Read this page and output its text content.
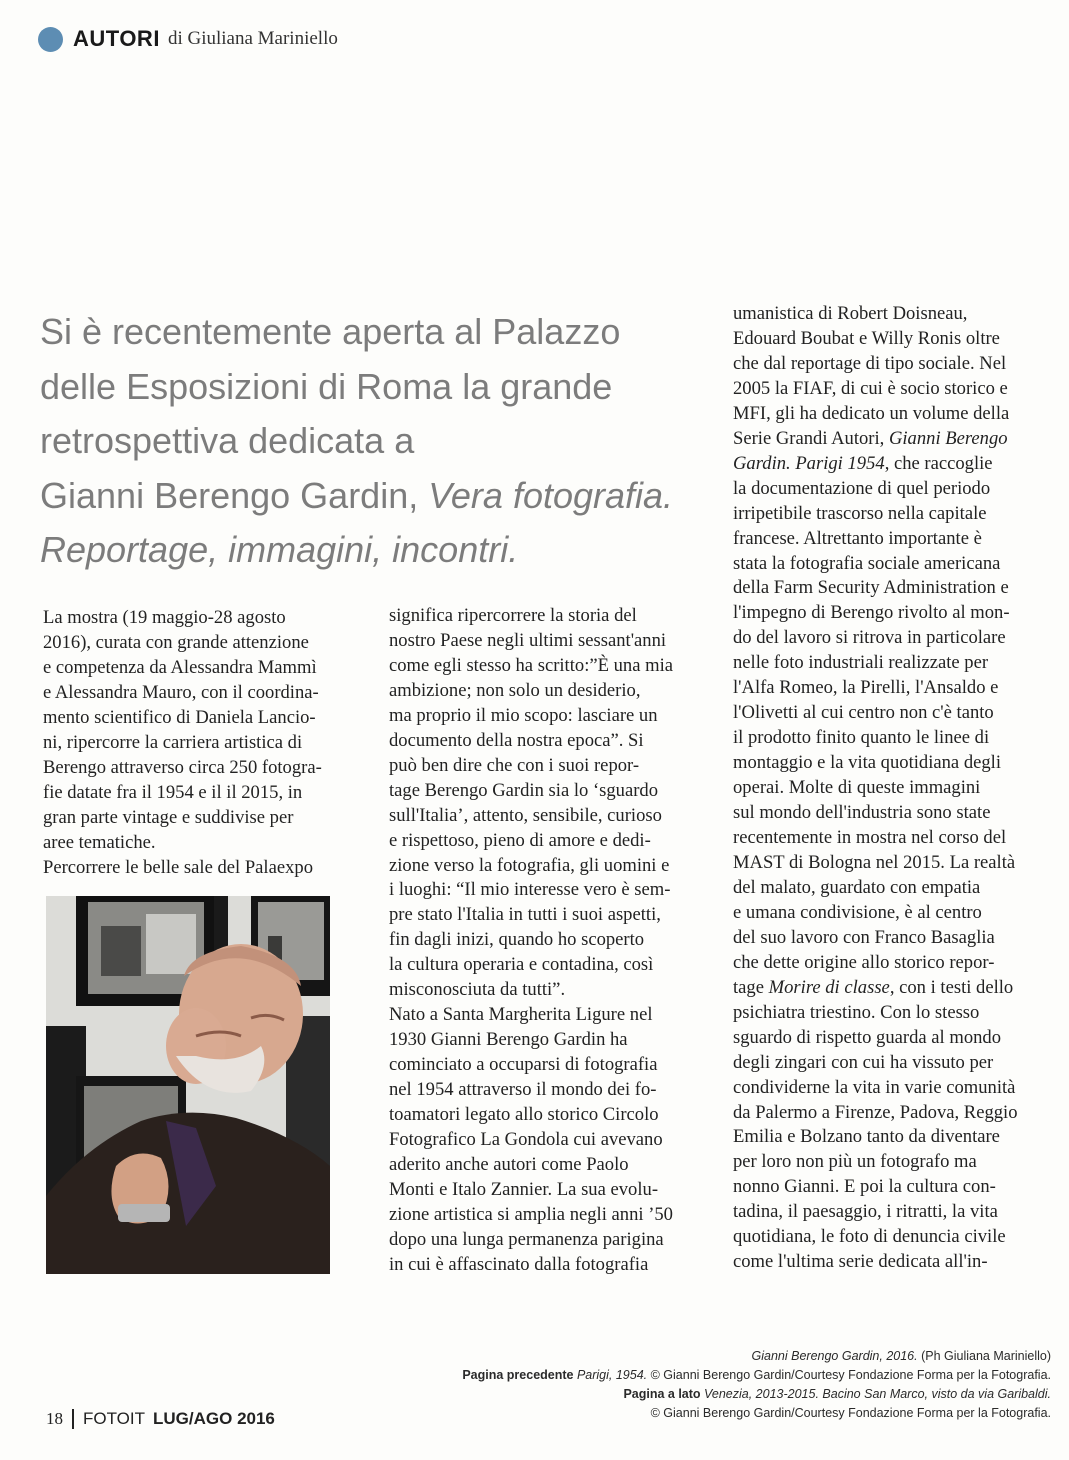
AUTORI di Giuliana Mariniello
Si è recentemente aperta al Palazzo
delle Esposizioni di Roma la grande
retrospettiva dedicata a
Gianni Berengo Gardin, Vera fotografia.
Reportage, immagini, incontri.
La mostra (19 maggio-28 agosto
2016), curata con grande attenzione
e competenza da Alessandra Mammì
e Alessandra Mauro, con il coordina-
mento scientifico di Daniela Lancio-
ni, ripercorre la carriera artistica di
Berengo attraverso circa 250 fotogra-
fie datate fra il 1954 e il il 2015, in
gran parte vintage e suddivise per
aree tematiche.
Percorrere le belle sale del Palaexpo
significa ripercorrere la storia del
nostro Paese negli ultimi sessant'anni
come egli stesso ha scritto:”È una mia
ambizione; non solo un desiderio,
ma proprio il mio scopo: lasciare un
documento della nostra epoca”. Si
può ben dire che con i suoi repor-
tage Berengo Gardin sia lo ‘sguardo
sull'Italia’, attento, sensibile, curioso
e rispettoso, pieno di amore e dedi-
zione verso la fotografia, gli uomini e
i luoghi: “Il mio interesse vero è sem-
pre stato l'Italia in tutti i suoi aspetti,
fin dagli inizi, quando ho scoperto
la cultura operaria e contadina, così
misconosciuta da tutti”.
Nato a Santa Margherita Ligure nel
1930 Gianni Berengo Gardin ha
cominciato a occuparsi di fotografia
nel 1954 attraverso il mondo dei fo-
toamatori legato allo storico Circolo
Fotografico La Gondola cui avevano
aderito anche autori come Paolo
Monti e Italo Zannier. La sua evolu-
zione artistica si amplia negli anni ’50
dopo una lunga permanenza parigina
in cui è affascinato dalla fotografia
umanistica di Robert Doisneau,
Edouard Boubat e Willy Ronis oltre
che dal reportage di tipo sociale. Nel
2005 la FIAF, di cui è socio storico e
MFI, gli ha dedicato un volume della
Serie Grandi Autori, Gianni Berengo
Gardin. Parigi 1954, che raccoglie
la documentazione di quel periodo
irripetibile trascorso nella capitale
francese. Altrettanto importante è
stata la fotografia sociale americana
della Farm Security Administration e
l'impegno di Berengo rivolto al mon-
do del lavoro si ritrova in particolare
nelle foto industriali realizzate per
l'Alfa Romeo, la Pirelli, l'Ansaldo e
l'Olivetti al cui centro non c'è tanto
il prodotto finito quanto le linee di
montaggio e la vita quotidiana degli
operai. Molte di queste immagini
sul mondo dell'industria sono state
recentemente in mostra nel corso del
MAST di Bologna nel 2015. La realtà
del malato, guardato con empatia
e umana condivisione, è al centro
del suo lavoro con Franco Basaglia
che dette origine allo storico repor-
tage Morire di classe, con i testi dello
psichiatra triestino. Con lo stesso
sguardo di rispetto guarda al mondo
degli zingari con cui ha vissuto per
condividerne la vita in varie comunità
da Palermo a Firenze, Padova, Reggio
Emilia e Bolzano tanto da diventare
per loro non più un fotografo ma
nonno Gianni. E poi la cultura con-
tadina, il paesaggio, i ritratti, la vita
quotidiana, le foto di denuncia civile
come l'ultima serie dedicata all'in-
Gianni Berengo Gardin, 2016. (Ph Giuliana Mariniello)
Pagina precedente Parigi, 1954. © Gianni Berengo Gardin/Courtesy Fondazione Forma per la Fotografia.
Pagina a lato Venezia, 2013-2015. Bacino San Marco, visto da via Garibaldi.
© Gianni Berengo Gardin/Courtesy Fondazione Forma per la Fotografia.
18 FOTOIT LUG/AGO 2016
